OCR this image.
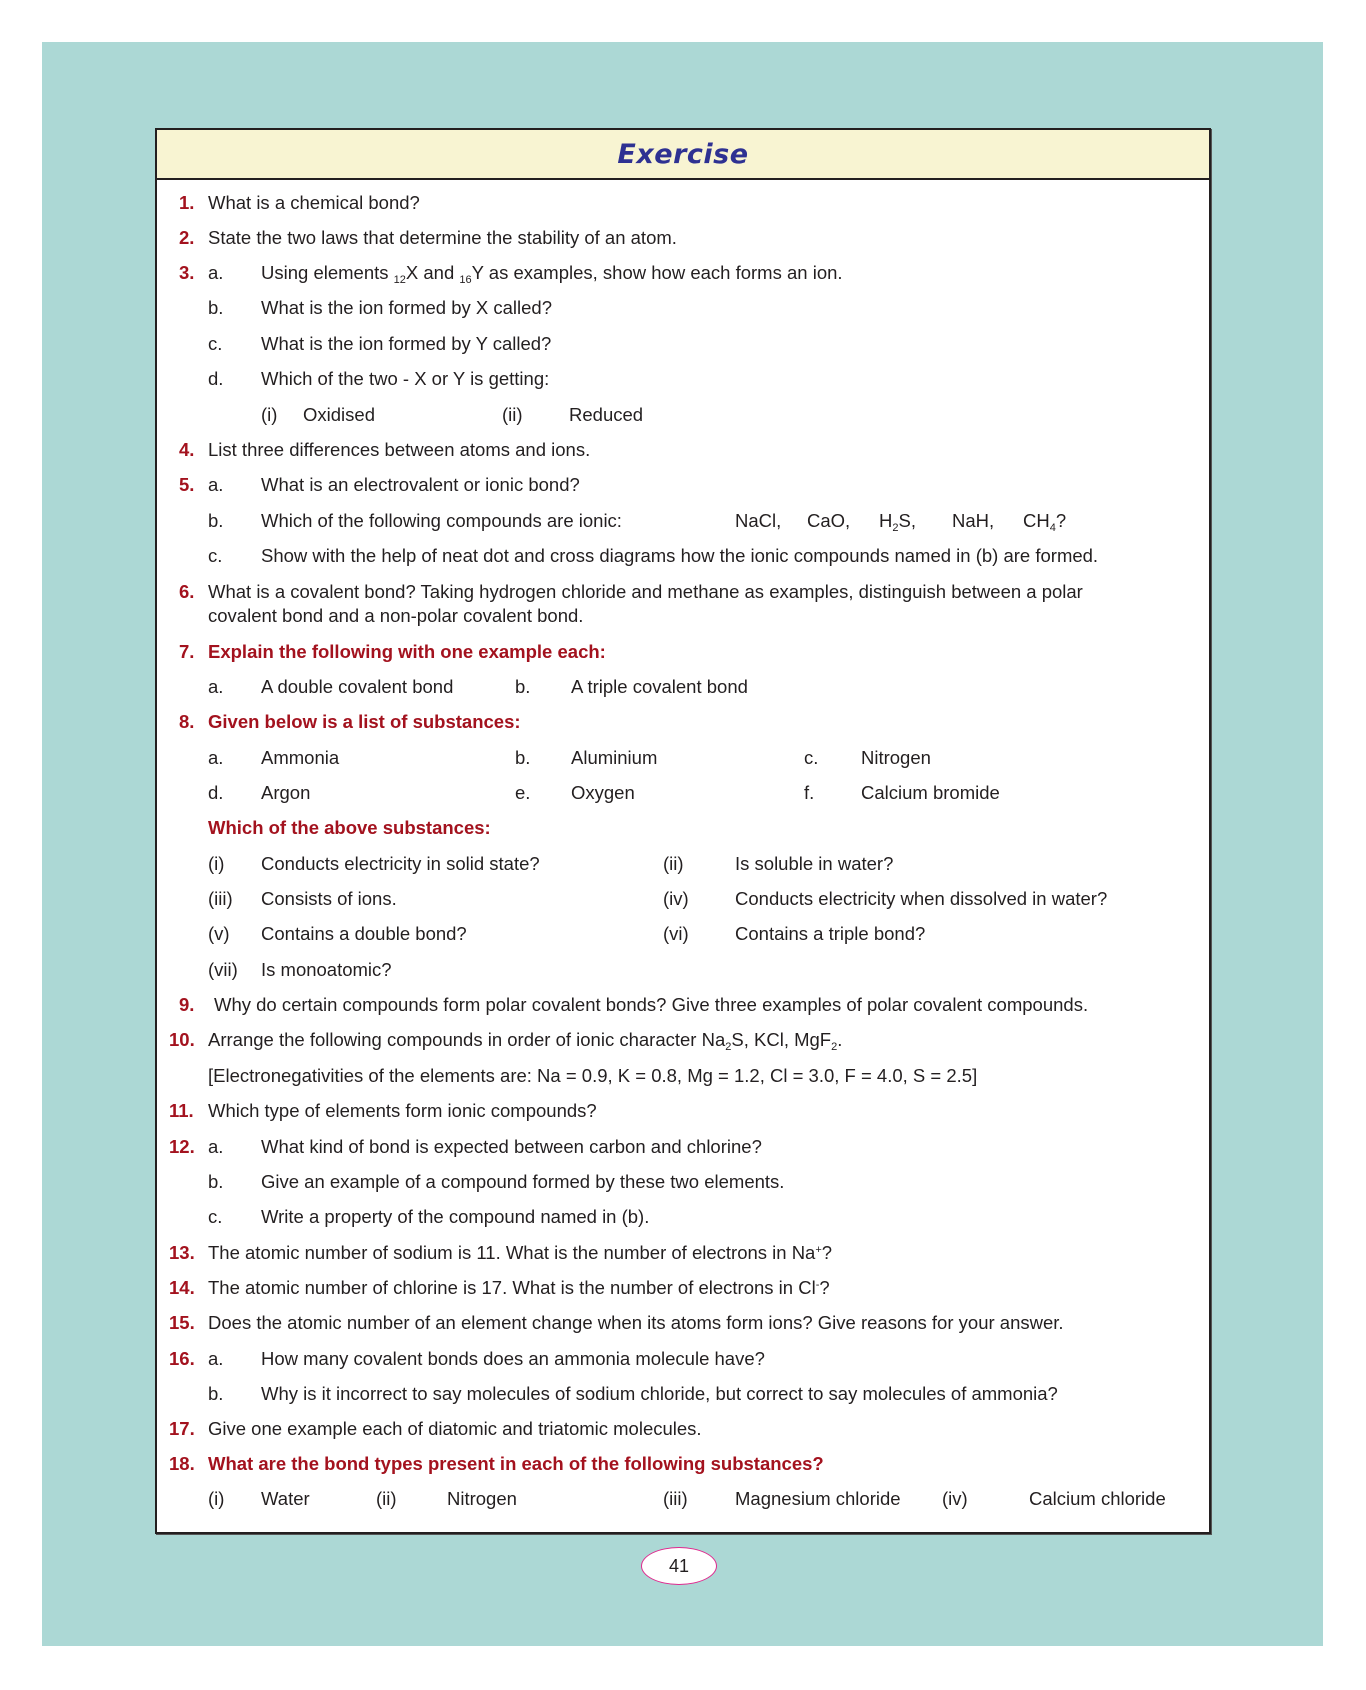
Exercise
1. What is a chemical bond?
2. State the two laws that determine the stability of an atom.
3. a. Using elements $_{12}$X and $_{16}$Y as examples, show how each forms an ion.
b. What is the ion formed by X called?
c. What is the ion formed by Y called?
d. Which of the two - X or Y is getting:
(i) Oxidised	(ii)	Reduced
4. List three differences between atoms and ions.
5. a. What is an electrovalent or ionic bond?
b. Which of the following compounds are ionic:	NaCl, CaO, $H_2S$, NaH, $CH_4$?
c. Show with the help of neat dot and cross diagrams how the ionic compounds named in (b) are formed.
6. What is a covalent bond? Taking hydrogen chloride and methane as examples, distinguish between a polar
covalent bond and a non-polar covalent bond.
7. Explain the following with one example each:
a. A double covalent bond	b. A triple covalent bond
8. Given below is a list of substances:
a. Ammonia	b. Aluminium	c. Nitrogen
d. Argon	e. Oxygen	f.	Calcium bromide
Which of the above substances:
(i) Conducts electricity in solid state?	(ii)	Is soluble in water?
(iii) Consists of ions.	(iv)	Conducts electricity when dissolved in water?
(v) Contains a double bond?	(vi)	Contains a triple bond?
(vii) Is monoatomic?
9. Why do certain compounds form polar covalent bonds? Give three examples of polar covalent compounds.
10. Arrange the following compounds in order of ionic character $Na_2S$, KCl, MgF$_2$.
[Electronegativities of the elements are: Na = 0.9, K = 0.8, Mg = 1.2, Cl = 3.0, F = 4.0, S = 2.5]
11. Which type of elements form ionic compounds?
12. a. What kind of bond is expected between carbon and chlorine?
b. Give an example of a compound formed by these two elements.
c. Write a property of the compound named in (b).
13. The atomic number of sodium is 11. What is the number of electrons in Na+?
14. The atomic number of chlorine is 17. What is the number of electrons in Cl-?
15. Does the atomic number of an element change when its atoms form ions? Give reasons for your answer.
16. a. How many covalent bonds does an ammonia molecule have?
b. Why is it incorrect to say molecules of sodium chloride, but correct to say molecules of ammonia?
17. Give one example each of diatomic and triatomic molecules.
18. What are the bond types present in each of the following substances?
(i) Water	(ii)	Nitrogen	(iii)	Magnesium chloride (iv)	Calcium chloride
41
